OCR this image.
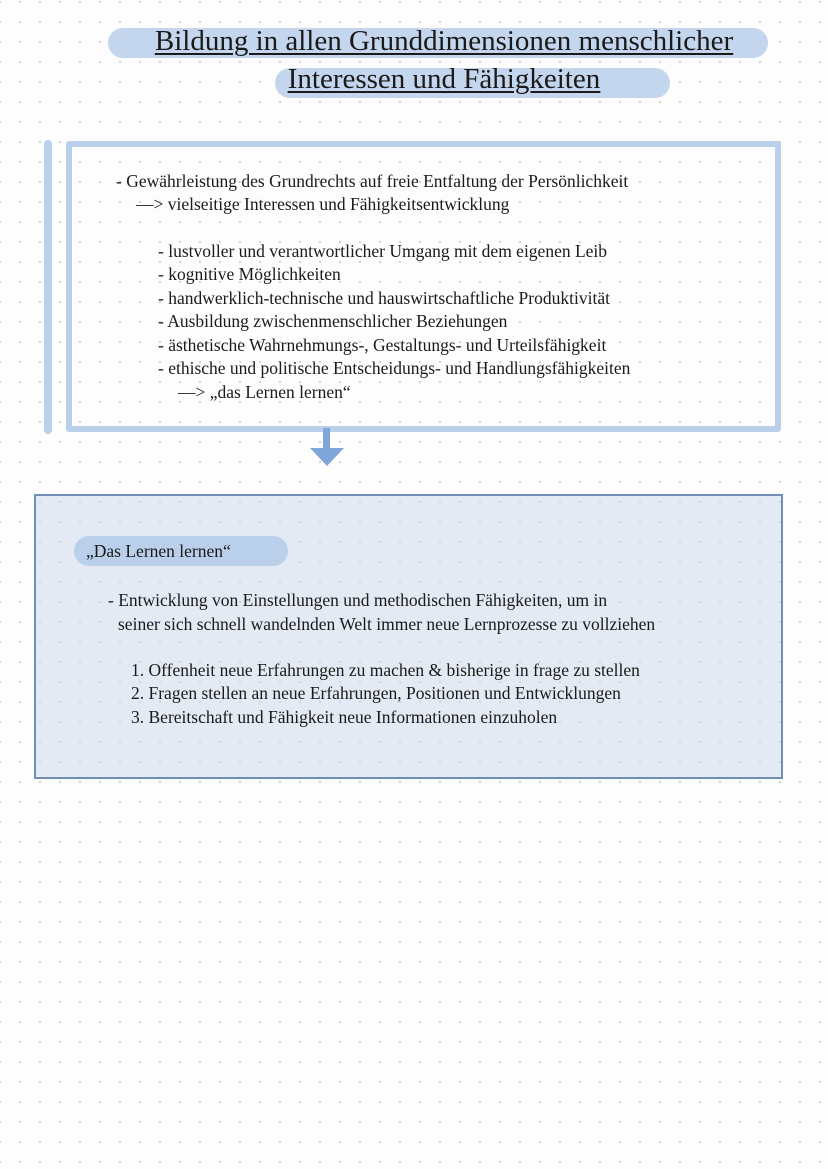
Bildung in allen Grunddimensionen menschlicher
Interessen und Fähigkeiten
- Gewährleistung des Grundrechts auf freie Entfaltung der Persönlichkeit
—> vielseitige Interessen und Fähigkeitsentwicklung
- lustvoller und verantwortlicher Umgang mit dem eigenen Leib
- kognitive Möglichkeiten
- handwerklich-technische und hauswirtschaftliche Produktivität
- Ausbildung zwischenmenschlicher Beziehungen
- ästhetische Wahrnehmungs-, Gestaltungs- und Urteilsfähigkeit
- ethische und politische Entscheidungs- und Handlungsfähigkeiten
—> „das Lernen lernen“
„Das Lernen lernen“
- Entwicklung von Einstellungen und methodischen Fähigkeiten, um in
seiner sich schnell wandelnden Welt immer neue Lernprozesse zu vollziehen
1. Offenheit neue Erfahrungen zu machen & bisherige in frage zu stellen
2. Fragen stellen an neue Erfahrungen, Positionen und Entwicklungen
3. Bereitschaft und Fähigkeit neue Informationen einzuholen
